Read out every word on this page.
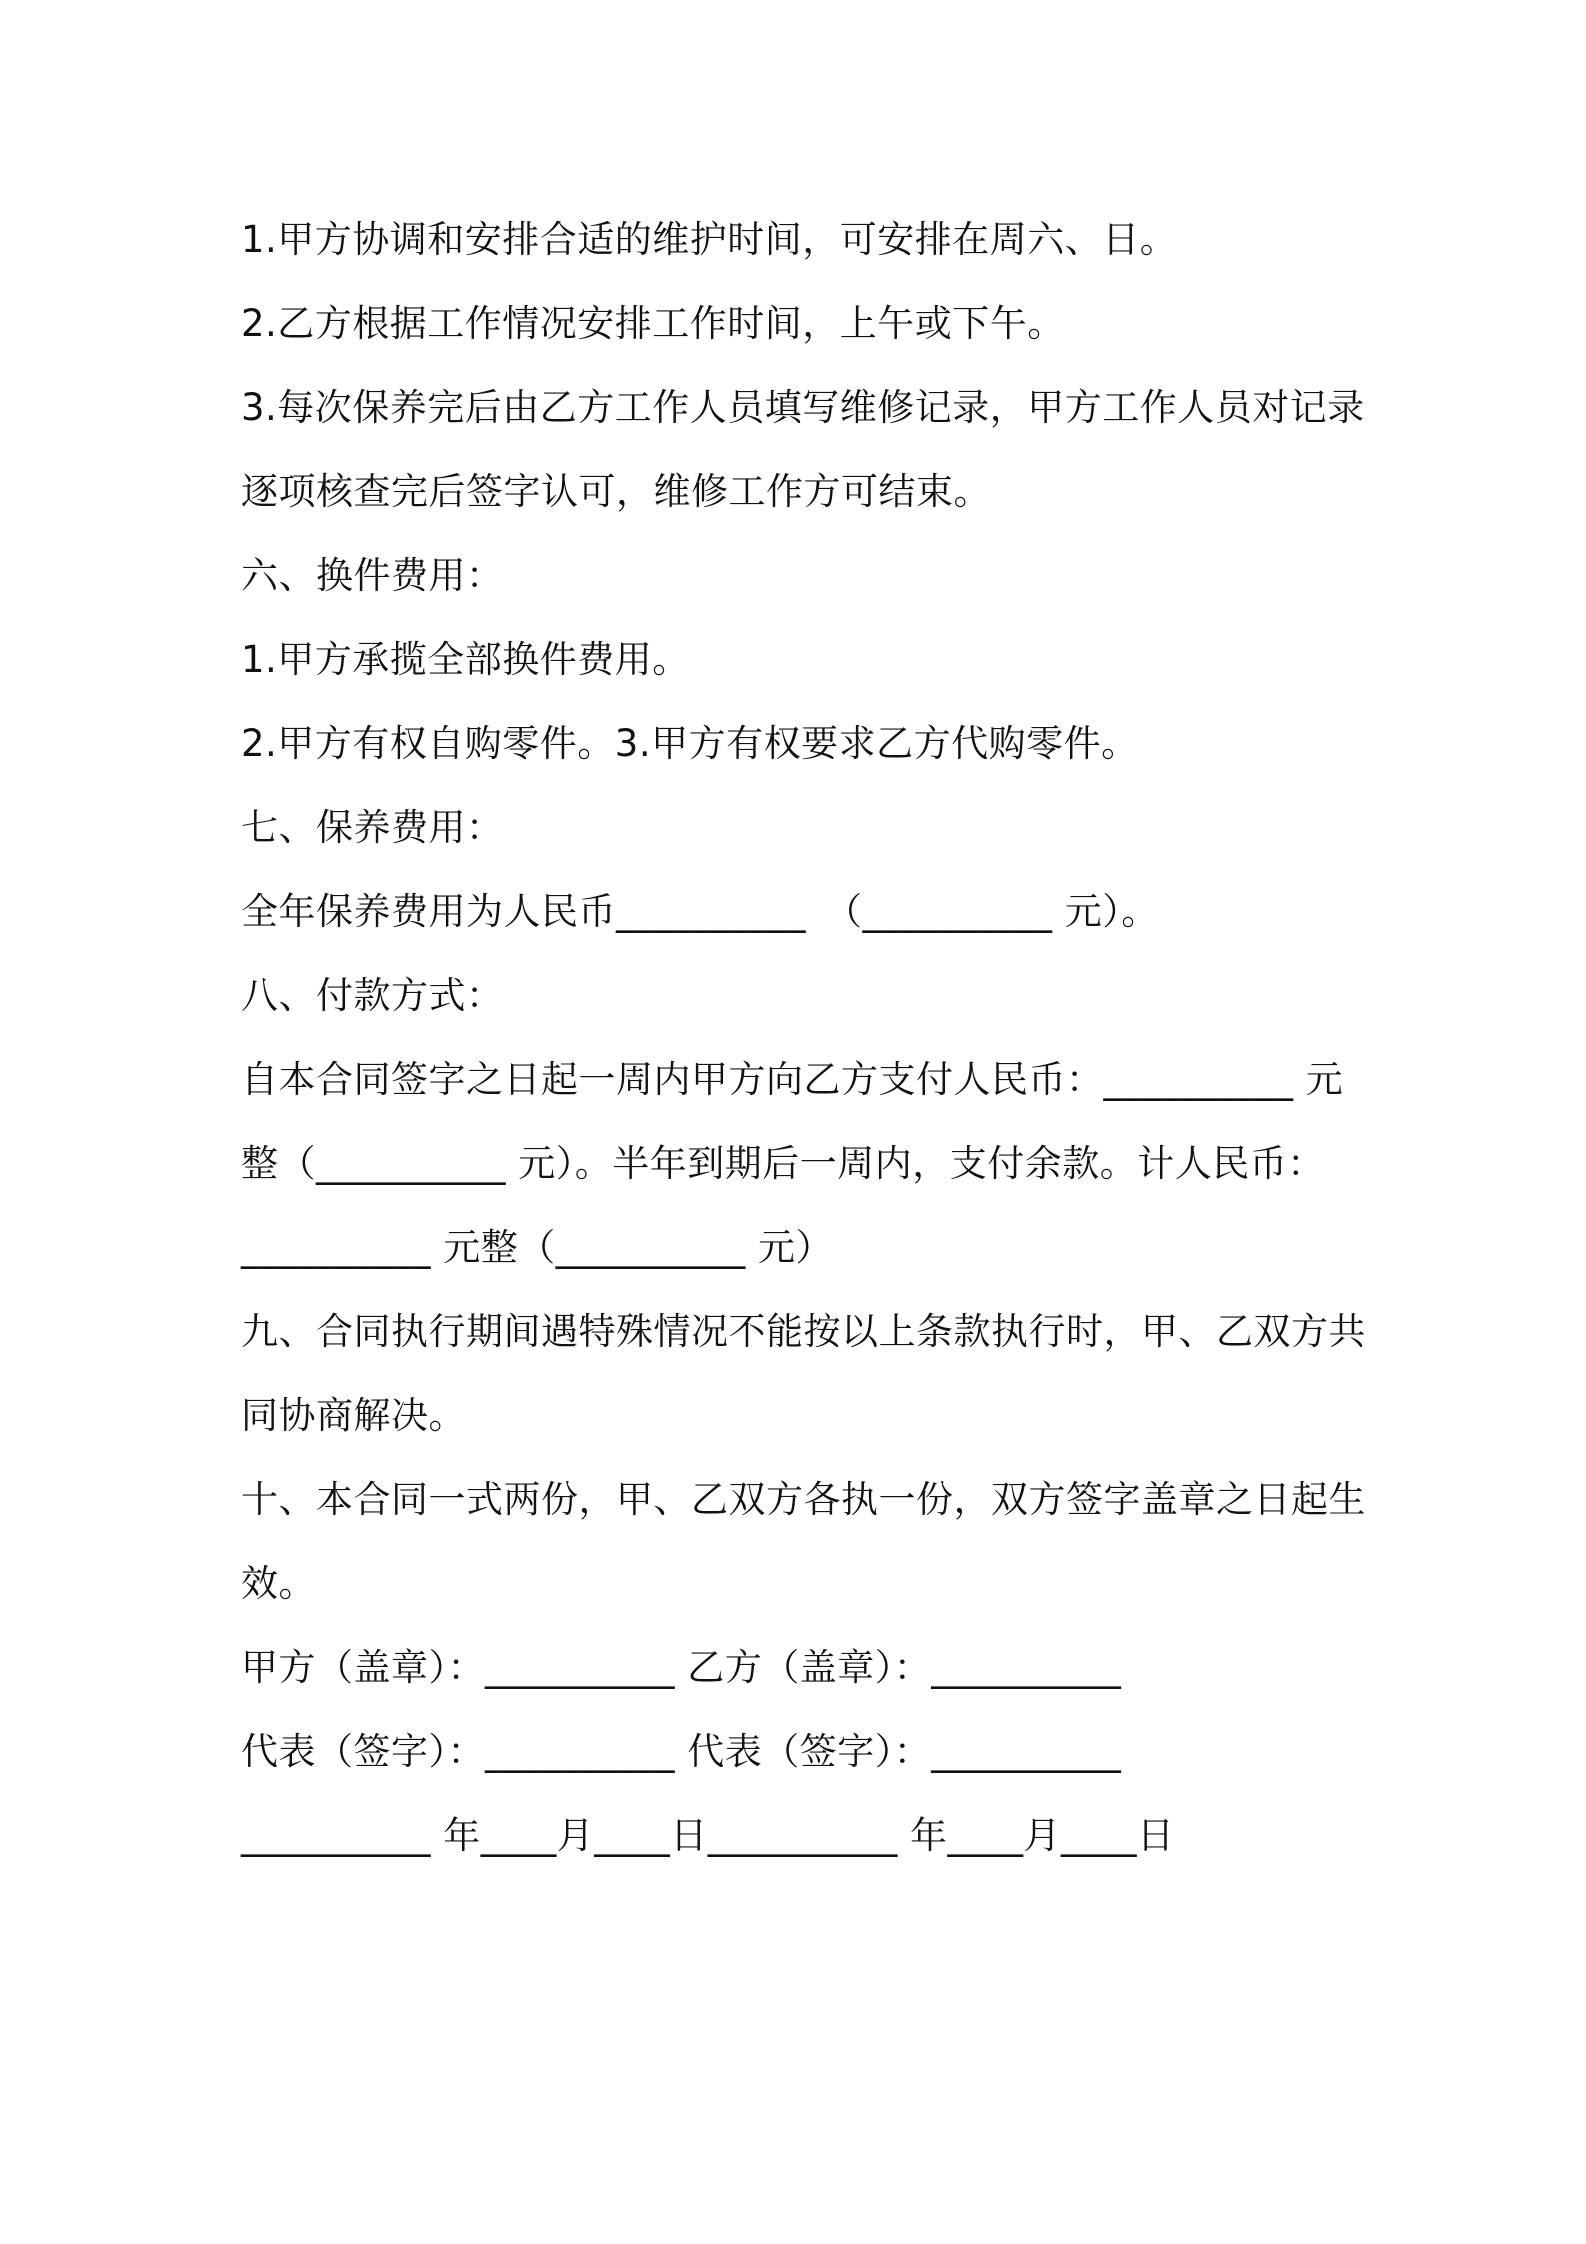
1.甲方协调和安排合适的维护时间，可安排在周六、日。
2.乙方根据工作情况安排工作时间，上午或下午。
3.每次保养完后由乙方工作人员填写维修记录，甲方工作人员对记录
逐项核查完后签字认可，维修工作方可结束。
六、换件费用：
1.甲方承揽全部换件费用。
2.甲方有权自购零件。3.甲方有权要求乙方代购零件。
七、保养费用：
全年保养费用为人民币__________　（__________ 元）。
八、付款方式：
自本合同签字之日起一周内甲方向乙方支付人民币：__________ 元
整（__________ 元）。半年到期后一周内，支付余款。计人民币：
__________ 元整（__________ 元）
九、合同执行期间遇特殊情况不能按以上条款执行时，甲、乙双方共
同协商解决。
十、本合同一式两份，甲、乙双方各执一份，双方签字盖章之日起生
效。
甲方（盖章）：__________ 乙方（盖章）：__________
代表（签字）：__________ 代表（签字）：__________
__________ 年____月____日__________ 年____月____日
